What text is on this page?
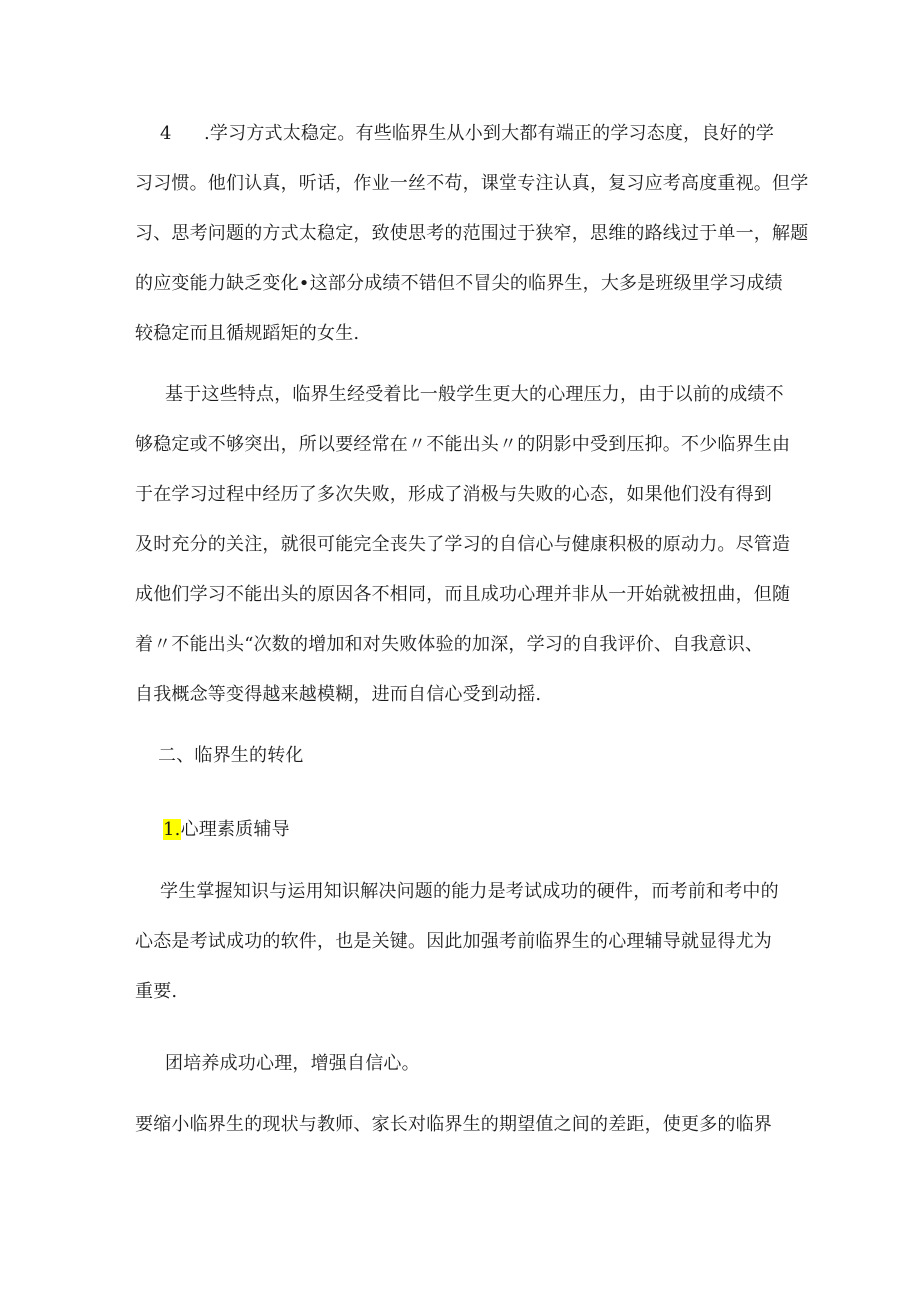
4 .学习方式太稳定。有些临界生从小到大都有端正的学习态度，良好的学
习习惯。他们认真，听话，作业一丝不苟，课堂专注认真，复习应考高度重视。但学
习、思考问题的方式太稳定，致使思考的范围过于狭窄，思维的路线过于单一，解题
的应变能力缺乏变化•这部分成绩不错但不冒尖的临界生，大多是班级里学习成绩
较稳定而且循规蹈矩的女生.
基于这些特点，临界生经受着比一般学生更大的心理压力，由于以前的成绩不
够稳定或不够突出，所以要经常在〃不能出头〃的阴影中受到压抑。不少临界生由
于在学习过程中经历了多次失败，形成了消极与失败的心态，如果他们没有得到
及时充分的关注，就很可能完全丧失了学习的自信心与健康积极的原动力。尽管造
成他们学习不能出头的原因各不相同，而且成功心理并非从一开始就被扭曲，但随
着〃不能出头“次数的增加和对失败体验的加深，学习的自我评价、自我意识、
自我概念等变得越来越模糊，进而自信心受到动摇.
二、临界生的转化
1.心理素质辅导
学生掌握知识与运用知识解决问题的能力是考试成功的硬件，而考前和考中的
心态是考试成功的软件，也是关键。因此加强考前临界生的心理辅导就显得尤为
重要.
团培养成功心理，增强自信心。
要缩小临界生的现状与教师、家长对临界生的期望值之间的差距，使更多的临界
